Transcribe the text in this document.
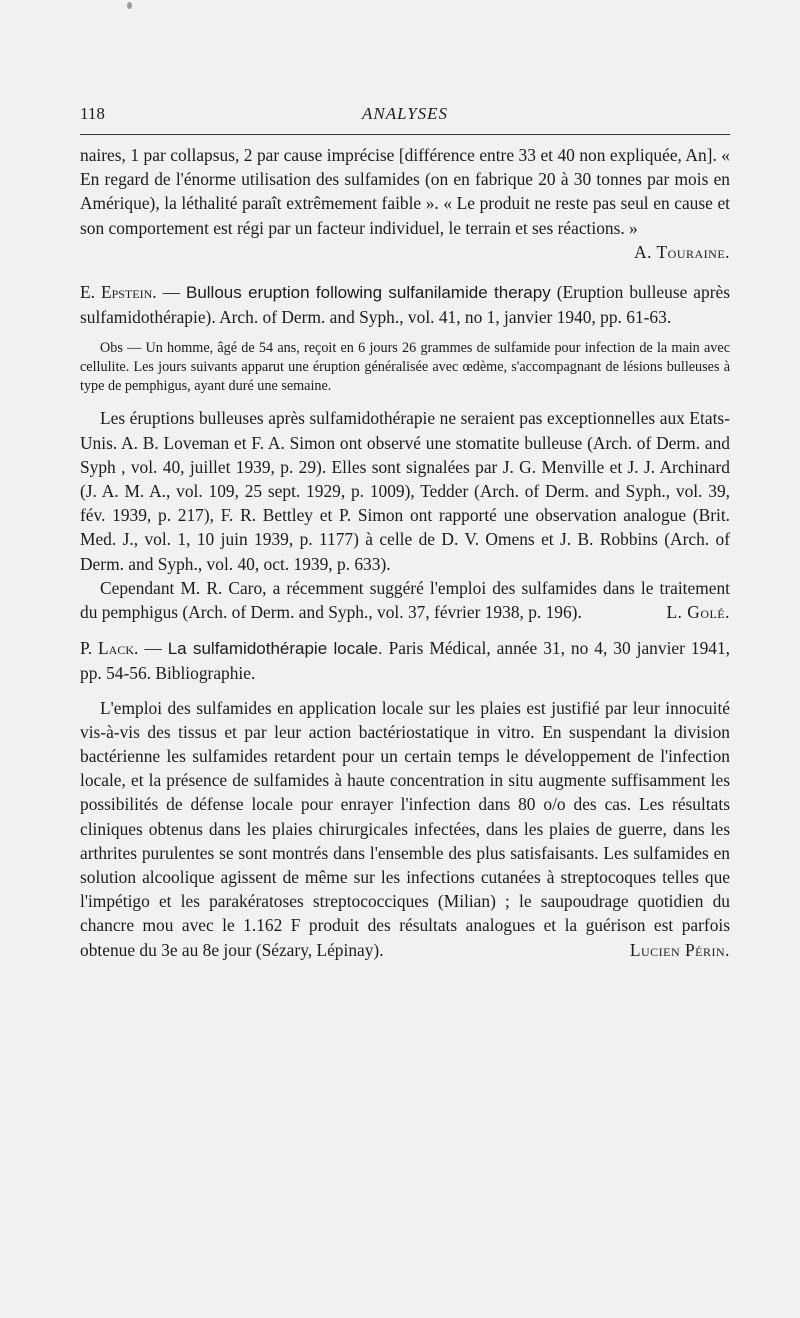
118	ANALYSES

naires, 1 par collapsus, 2 par cause imprécise [différence entre 33 et 40 non expliquée, An]. « En regard de l'énorme utilisation des sulfamides (on en fabrique 20 à 30 tonnes par mois en Amérique), la léthalité paraît extrêmement faible ». « Le produit ne reste pas seul en cause et son comportement est régi par un facteur individuel, le terrain et ses réactions. »
A. Touraine.

E. Epstein. — Bullous eruption following sulfanilamide therapy (Eruption bulleuse après sulfamidothérapie). Arch. of Derm. and Syph., vol. 41, no 1, janvier 1940, pp. 61-63.

Obs — Un homme, âgé de 54 ans, reçoit en 6 jours 26 grammes de sulfamide pour infection de la main avec cellulite. Les jours suivants apparut une éruption généralisée avec œdème, s'accompagnant de lésions bulleuses à type de pemphigus, ayant duré une semaine.

Les éruptions bulleuses après sulfamidothérapie ne seraient pas exceptionnelles aux Etats-Unis. A. B. Loveman et F. A. Simon ont observé une stomatite bulleuse (Arch. of Derm. and Syph , vol. 40, juillet 1939, p. 29). Elles sont signalées par J. G. Menville et J. J. Archinard (J. A. M. A., vol. 109, 25 sept. 1929, p. 1009), Tedder (Arch. of Derm. and Syph., vol. 39, fév. 1939, p. 217), F. R. Bettley et P. Simon ont rapporté une observation analogue (Brit. Med. J., vol. 1, 10 juin 1939, p. 1177) à celle de D. V. Omens et J. B. Robbins (Arch. of Derm. and Syph., vol. 40, oct. 1939, p. 633).

Cependant M. R. Caro, a récemment suggéré l'emploi des sulfamides dans le traitement du pemphigus (Arch. of Derm. and Syph., vol. 37, février 1938, p. 196).	L. Golé.

P. Lack. — La sulfamidothérapie locale. Paris Médical, année 31, no 4, 30 janvier 1941, pp. 54-56. Bibliographie.

L'emploi des sulfamides en application locale sur les plaies est justifié par leur innocuité vis-à-vis des tissus et par leur action bactériostatique in vitro. En suspendant la division bactérienne les sulfamides retardent pour un certain temps le développement de l'infection locale, et la présence de sulfamides à haute concentration in situ augmente suffisamment les possibilités de défense locale pour enrayer l'infection dans 80 o/o des cas. Les résultats cliniques obtenus dans les plaies chirurgicales infectées, dans les plaies de guerre, dans les arthrites purulentes se sont montrés dans l'ensemble des plus satisfaisants. Les sulfamides en solution alcoolique agissent de même sur les infections cutanées à streptocoques telles que l'impétigo et les parakératoses streptococciques (Milian) ; le saupoudrage quotidien du chancre mou avec le 1.162 F produit des résultats analogues et la guérison est parfois obtenue du 3e au 8e jour (Sézary, Lépinay).	Lucien Périn.
